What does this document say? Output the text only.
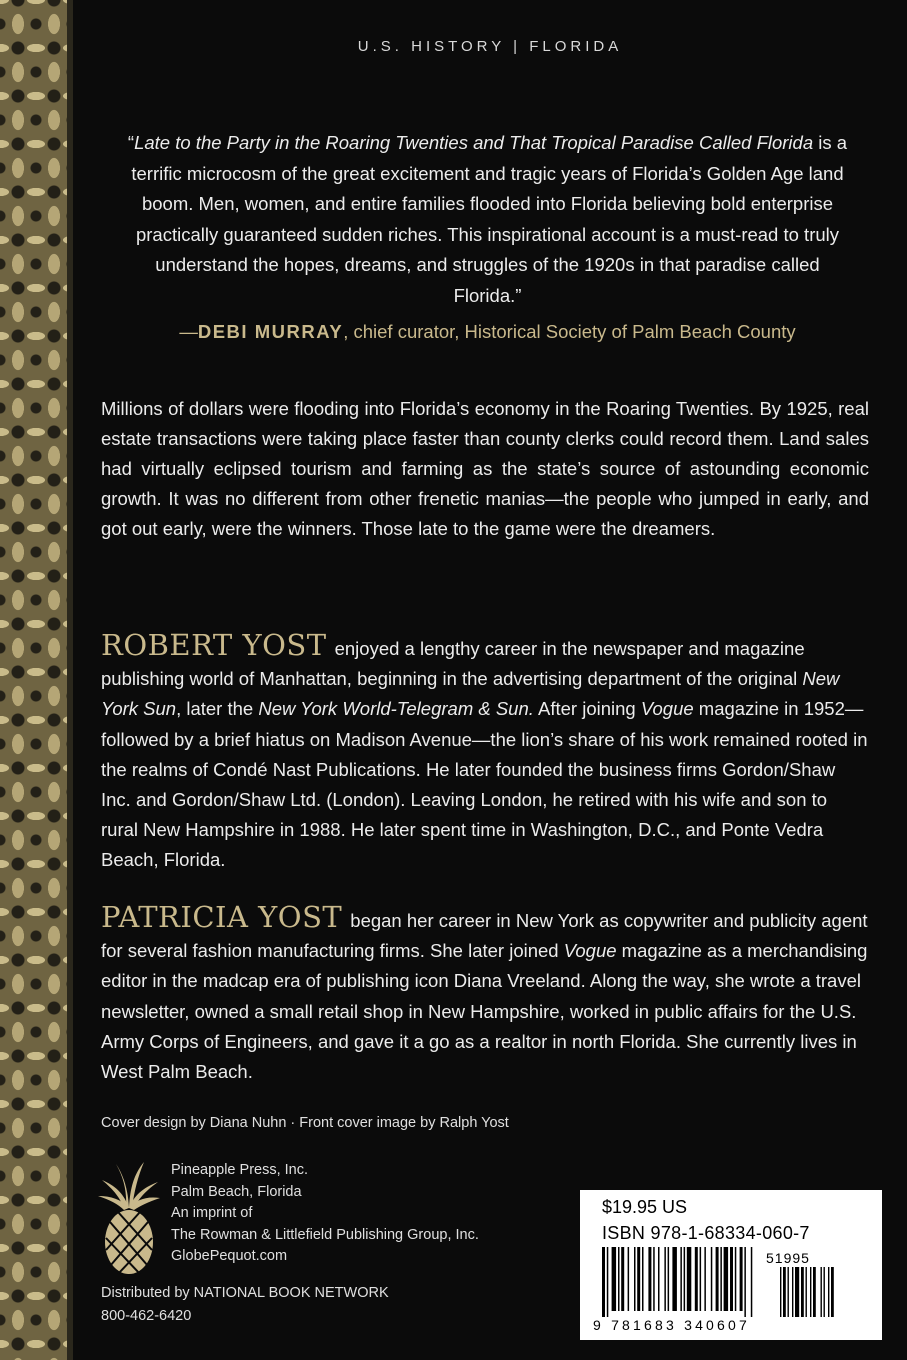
U.S. HISTORY | FLORIDA

“Late to the Party in the Roaring Twenties and That Tropical Paradise Called Florida is a terrific microcosm of the great excitement and tragic years of Florida’s Golden Age land boom. Men, women, and entire families flooded into Florida believing bold enterprise practically guaranteed sudden riches. This inspirational account is a must-read to truly understand the hopes, dreams, and struggles of the 1920s in that paradise called Florida.”

—DEBI MURRAY, chief curator, Historical Society of Palm Beach County

Millions of dollars were flooding into Florida’s economy in the Roaring Twenties. By 1925, real estate transactions were taking place faster than county clerks could record them. Land sales had virtually eclipsed tourism and farming as the state’s source of astounding economic growth. It was no different from other frenetic manias—the people who jumped in early, and got out early, were the winners. Those late to the game were the dreamers.

ROBERT YOST enjoyed a lengthy career in the newspaper and magazine publishing world of Manhattan, beginning in the advertising department of the original New York Sun, later the New York World-Telegram & Sun. After joining Vogue magazine in 1952—followed by a brief hiatus on Madison Avenue—the lion’s share of his work remained rooted in the realms of Condé Nast Publications. He later founded the business firms Gordon/Shaw Inc. and Gordon/Shaw Ltd. (London). Leaving London, he retired with his wife and son to rural New Hampshire in 1988. He later spent time in Washington, D.C., and Ponte Vedra Beach, Florida.

PATRICIA YOST began her career in New York as copywriter and publicity agent for several fashion manufacturing firms. She later joined Vogue magazine as a merchandising editor in the madcap era of publishing icon Diana Vreeland. Along the way, she wrote a travel newsletter, owned a small retail shop in New Hampshire, worked in public affairs for the U.S. Army Corps of Engineers, and gave it a go as a realtor in north Florida. She currently lives in West Palm Beach.

Cover design by Diana Nuhn · Front cover image by Ralph Yost
Pineapple Press, Inc.
Palm Beach, Florida
An imprint of
The Rowman & Littlefield Publishing Group, Inc.
GlobePequot.com
Distributed by NATIONAL BOOK NETWORK
800-462-6420
$19.95 US
ISBN 978-1-68334-060-7
51995
9 781683 340607
